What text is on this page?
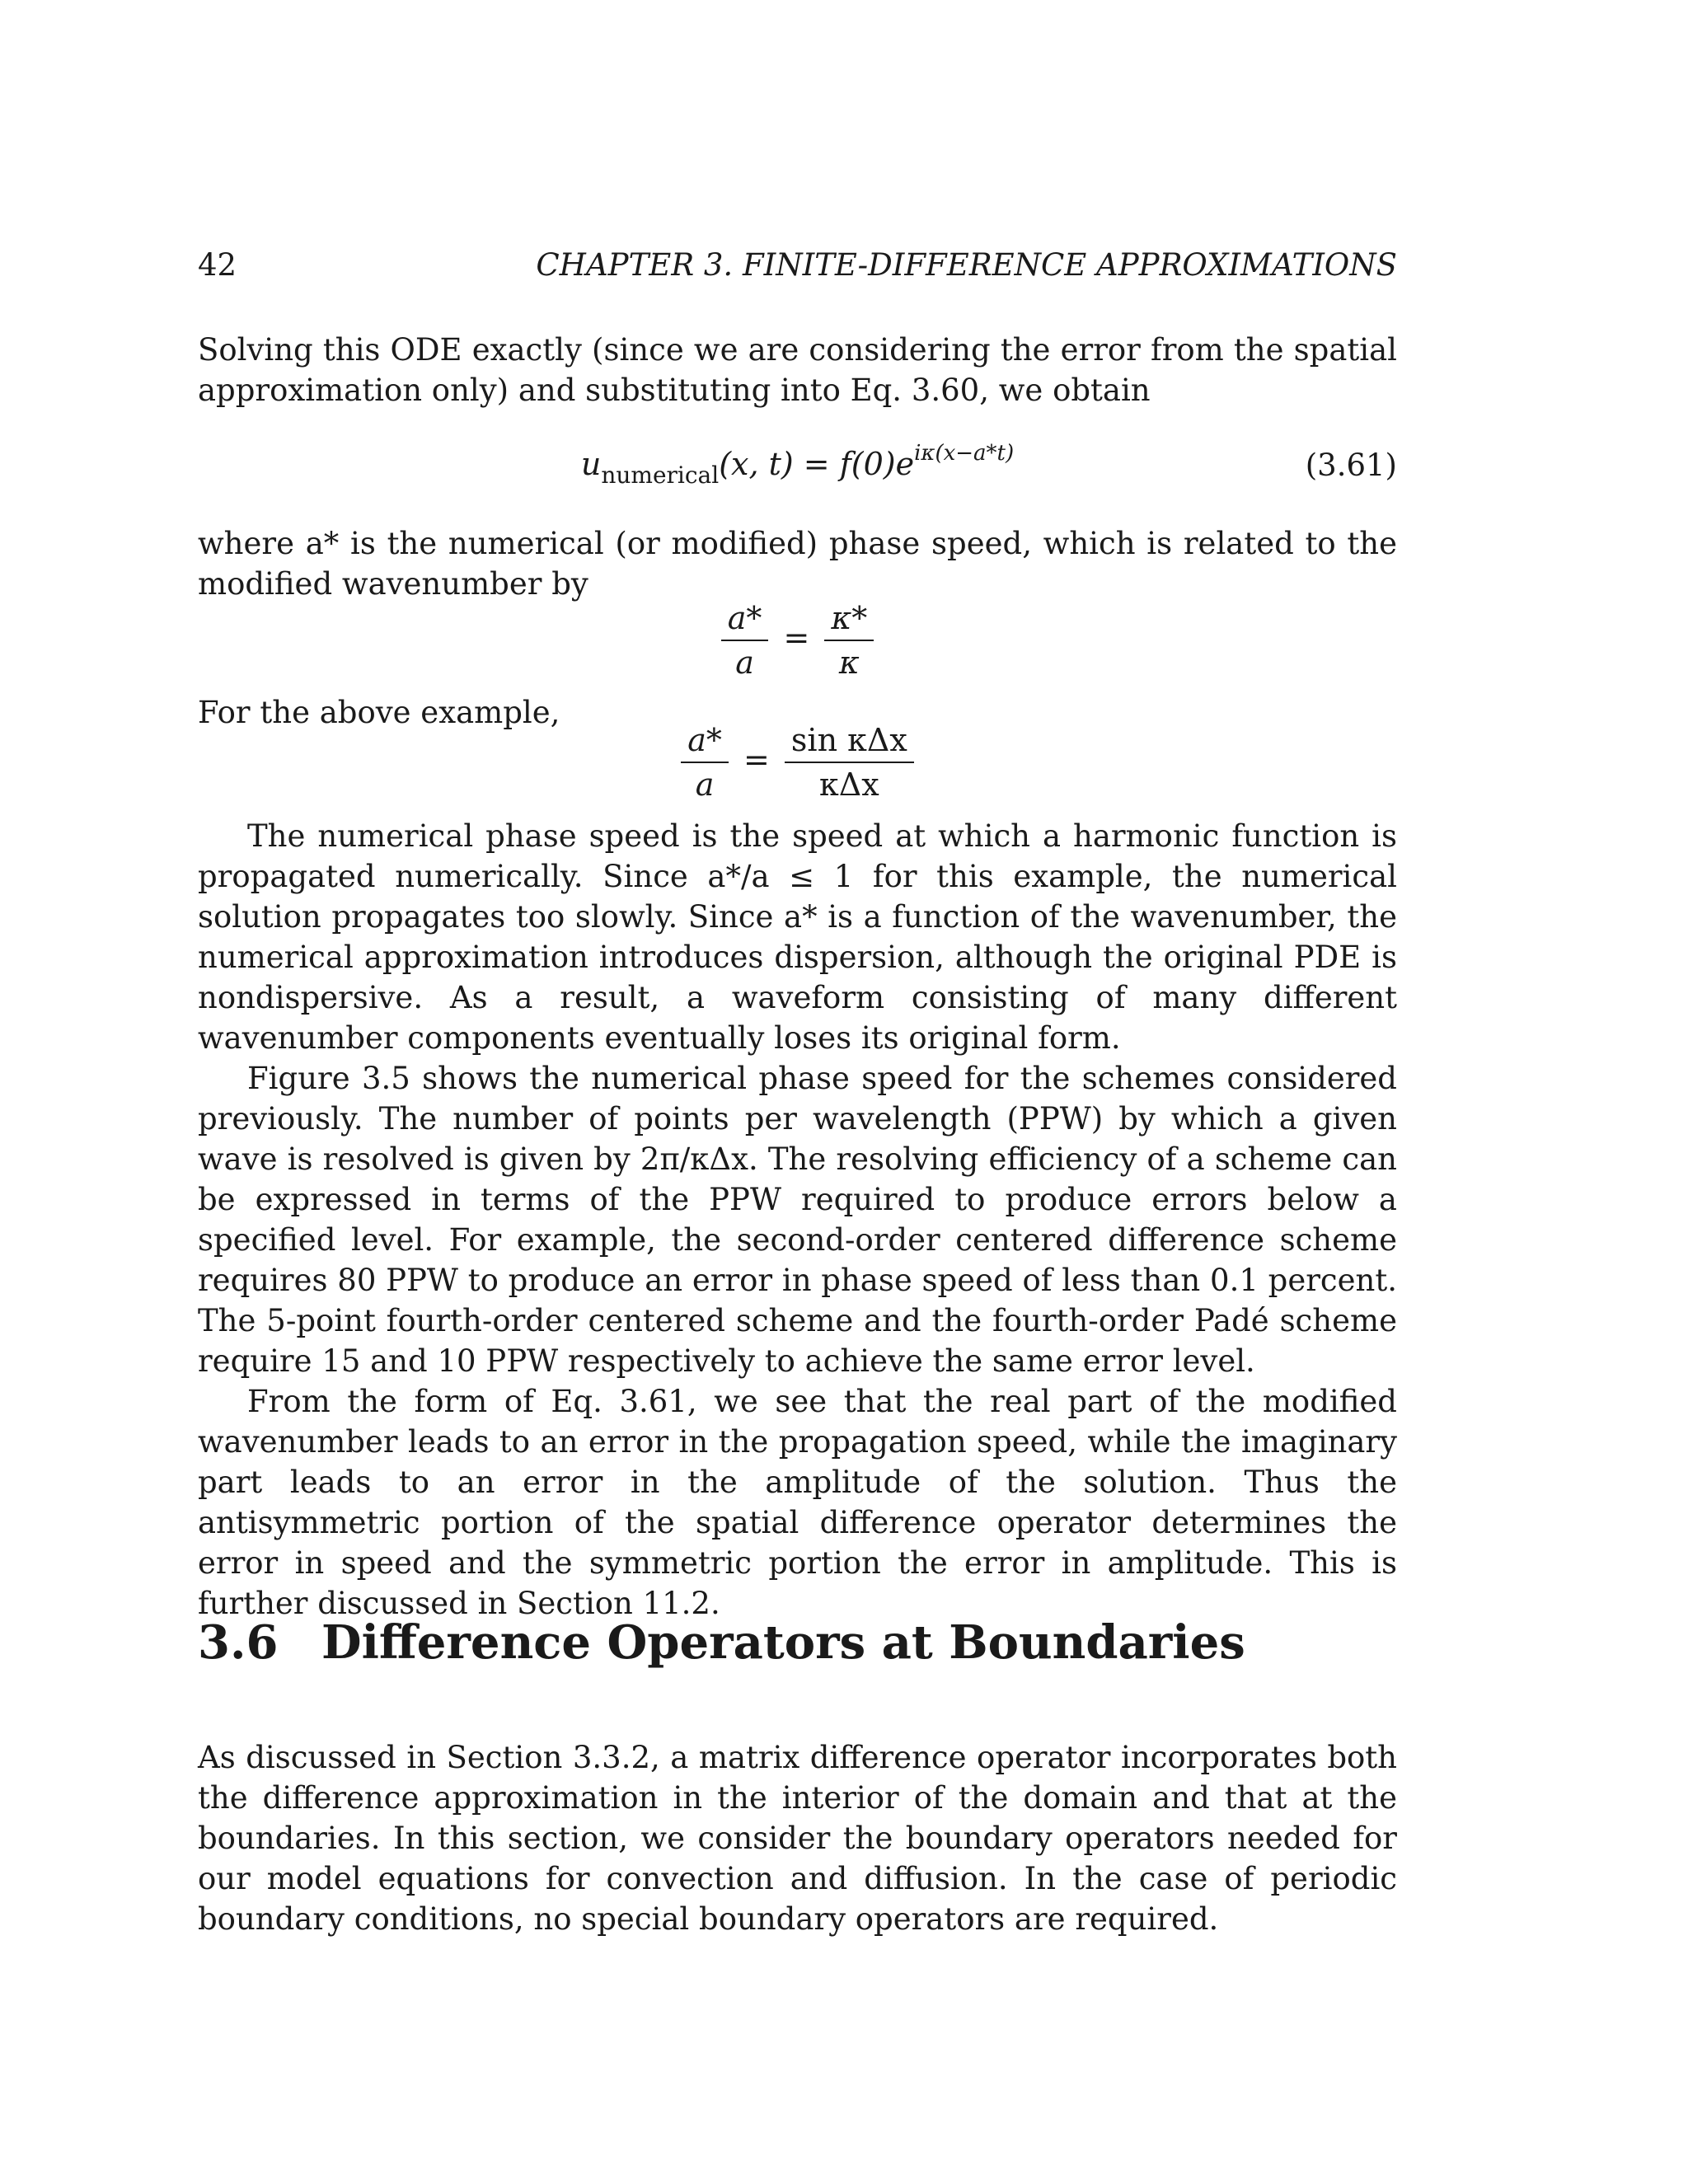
42	CHAPTER 3. FINITE-DIFFERENCE APPROXIMATIONS

Solving this ODE exactly (since we are considering the error from the spatial approximation only) and substituting into Eq. 3.60, we obtain

$u_{numerical}(x$, $t) = f(0)e^{i\kappa(x-a*t)}$	(3.61)

where a* is the numerical (or modified) phase speed, which is related to the modified wavenumber by

$\frac{a*}{a} = \frac{\kappa*}{\kappa}$

For the above example,

$\frac{a*}{a} = \frac{\text{sin κΔx}}{\text{κΔx}}$

The numerical phase speed is the speed at which a harmonic function is propagated numerically. Since a*/a ≤ 1 for this example, the numerical solution propagates too slowly. Since a* is a function of the wavenumber, the numerical approximation introduces dispersion, although the original PDE is nondispersive. As a result, a waveform consisting of many different wavenumber components eventually loses its original form.

Figure 3.5 shows the numerical phase speed for the schemes considered previously. The number of points per wavelength (PPW) by which a given wave is resolved is given by 2π/κΔx. The resolving efficiency of a scheme can be expressed in terms of the PPW required to produce errors below a specified level. For example, the second-order centered difference scheme requires 80 PPW to produce an error in phase speed of less than 0.1 percent. The 5-point fourth-order centered scheme and the fourth-order Padé scheme require 15 and 10 PPW respectively to achieve the same error level.

From the form of Eq. 3.61, we see that the real part of the modified wavenumber leads to an error in the propagation speed, while the imaginary part leads to an error in the amplitude of the solution. Thus the antisymmetric portion of the spatial difference operator determines the error in speed and the symmetric portion the error in amplitude. This is further discussed in Section 11.2.

3.6 Difference Operators at Boundaries

As discussed in Section 3.3.2, a matrix difference operator incorporates both the difference approximation in the interior of the domain and that at the boundaries. In this section, we consider the boundary operators needed for our model equations for convection and diffusion. In the case of periodic boundary conditions, no special boundary operators are required.
